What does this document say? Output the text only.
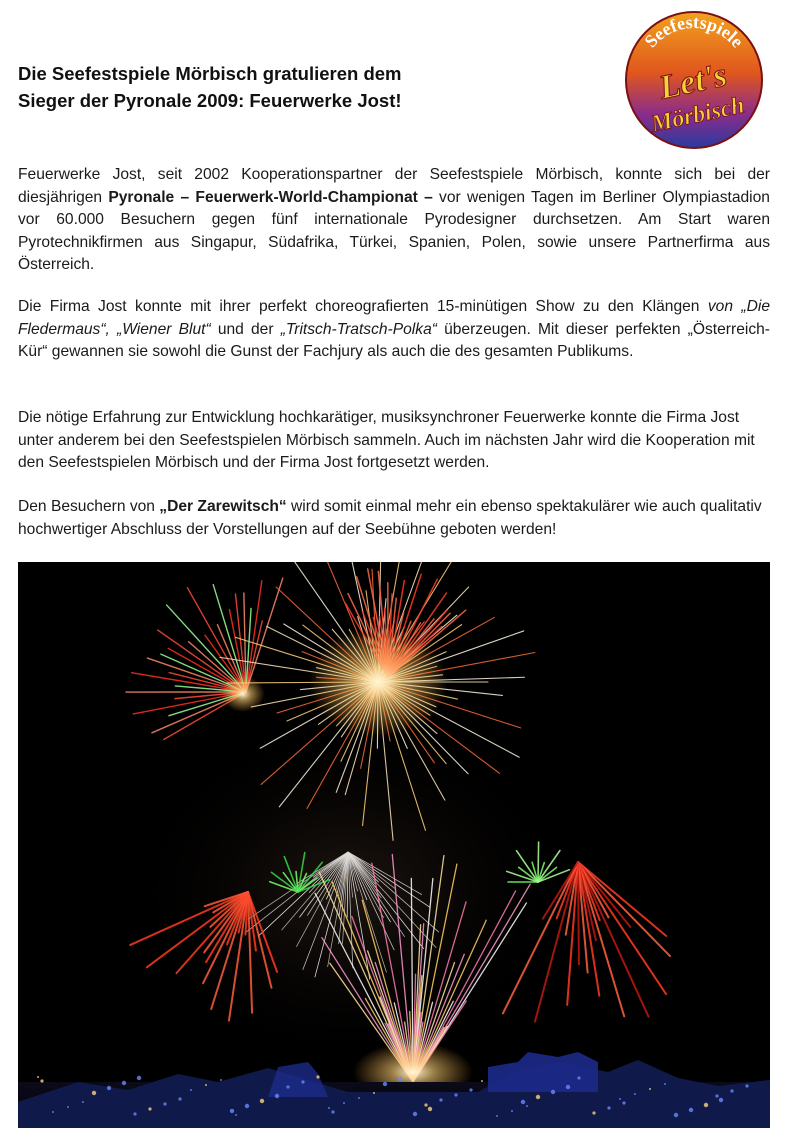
Seefestspiele
Let's
Mörbisch
Die Seefestspiele Mörbisch gratulieren dem
Sieger der Pyronale 2009: Feuerwerke Jost!

Feuerwerke Jost, seit 2002 Kooperationspartner der Seefestspiele Mörbisch, konnte sich bei der diesjährigen Pyronale – Feuerwerk-World-Championat – vor wenigen Tagen im Berliner Olympiastadion vor 60.000 Besuchern gegen fünf internationale Pyrodesigner durchsetzen. Am Start waren Pyrotechnikfirmen aus Singapur, Südafrika, Türkei, Spanien, Polen, sowie unsere Partnerfirma aus Österreich.

Die Firma Jost konnte mit ihrer perfekt choreografierten 15-minütigen Show zu den Klängen von „Die Fledermaus“, „Wiener Blut“ und der „Tritsch-Tratsch-Polka“ überzeugen. Mit dieser perfekten „Österreich-Kür“ gewannen sie sowohl die Gunst der Fachjury als auch die des gesamten Publikums.

Die nötige Erfahrung zur Entwicklung hochkarätiger, musiksynchroner Feuerwerke konnte die Firma Jost unter anderem bei den Seefestspielen Mörbisch sammeln. Auch im nächsten Jahr wird die Kooperation mit den Seefestspielen Mörbisch und der Firma Jost fortgesetzt werden.

Den Besuchern von „Der Zarewitsch“ wird somit einmal mehr ein ebenso spektakulärer wie auch qualitativ hochwertiger Abschluss der Vorstellungen auf der Seebühne geboten werden!
